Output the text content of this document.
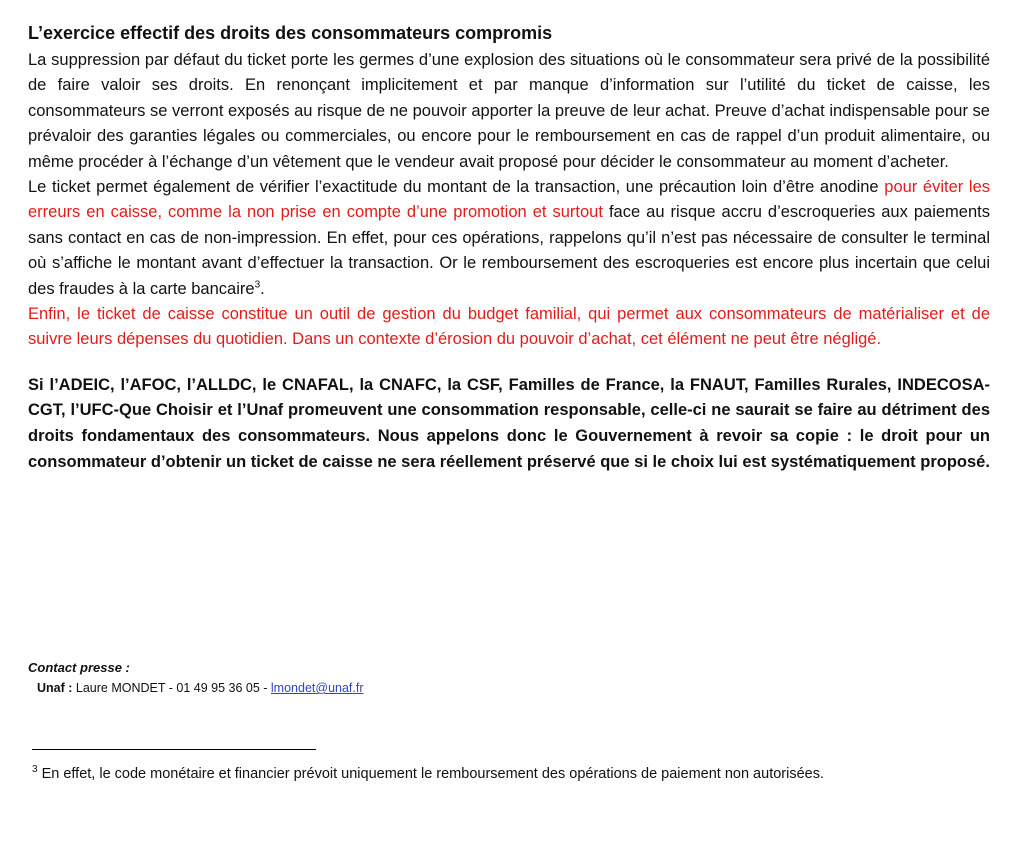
L’exercice effectif des droits des consommateurs compromis

La suppression par défaut du ticket porte les germes d’une explosion des situations où le consommateur sera privé de la possibilité de faire valoir ses droits. En renonçant implicitement et par manque d’information sur l’utilité du ticket de caisse, les consommateurs se verront exposés au risque de ne pouvoir apporter la preuve de leur achat. Preuve d’achat indispensable pour se prévaloir des garanties légales ou commerciales, ou encore pour le remboursement en cas de rappel d’un produit alimentaire, ou même procéder à l’échange d’un vêtement que le vendeur avait proposé pour décider le consommateur au moment d’acheter.

Le ticket permet également de vérifier l’exactitude du montant de la transaction, une précaution loin d’être anodine pour éviter les erreurs en caisse, comme la non prise en compte d’une promotion et surtout face au risque accru d’escroqueries aux paiements sans contact en cas de non-impression. En effet, pour ces opérations, rappelons qu’il n’est pas nécessaire de consulter le terminal où s’affiche le montant avant d’effectuer la transaction. Or le remboursement des escroqueries est encore plus incertain que celui des fraudes à la carte bancaire$^3$.

Enfin, le ticket de caisse constitue un outil de gestion du budget familial, qui permet aux consommateurs de matérialiser et de suivre leurs dépenses du quotidien. Dans un contexte d’érosion du pouvoir d’achat, cet élément ne peut être négligé.

Si l’ADEIC, l’AFOC, l’ALLDC, le CNAFAL, la CNAFC, la CSF, Familles de France, la FNAUT, Familles Rurales, INDECOSA-CGT, l’UFC-Que Choisir et l’Unaf promeuvent une consommation responsable, celle-ci ne saurait se faire au détriment des droits fondamentaux des consommateurs. Nous appelons donc le Gouvernement à revoir sa copie : le droit pour un consommateur d’obtenir un ticket de caisse ne sera réellement préservé que si le choix lui est systématiquement proposé.

Contact presse :
Unaf : Laure MONDET - 01 49 95 36 05 - lmondet@unaf.fr
$^3$ En effet, le code monétaire et financier prévoit uniquement le remboursement des opérations de paiement non autorisées.
